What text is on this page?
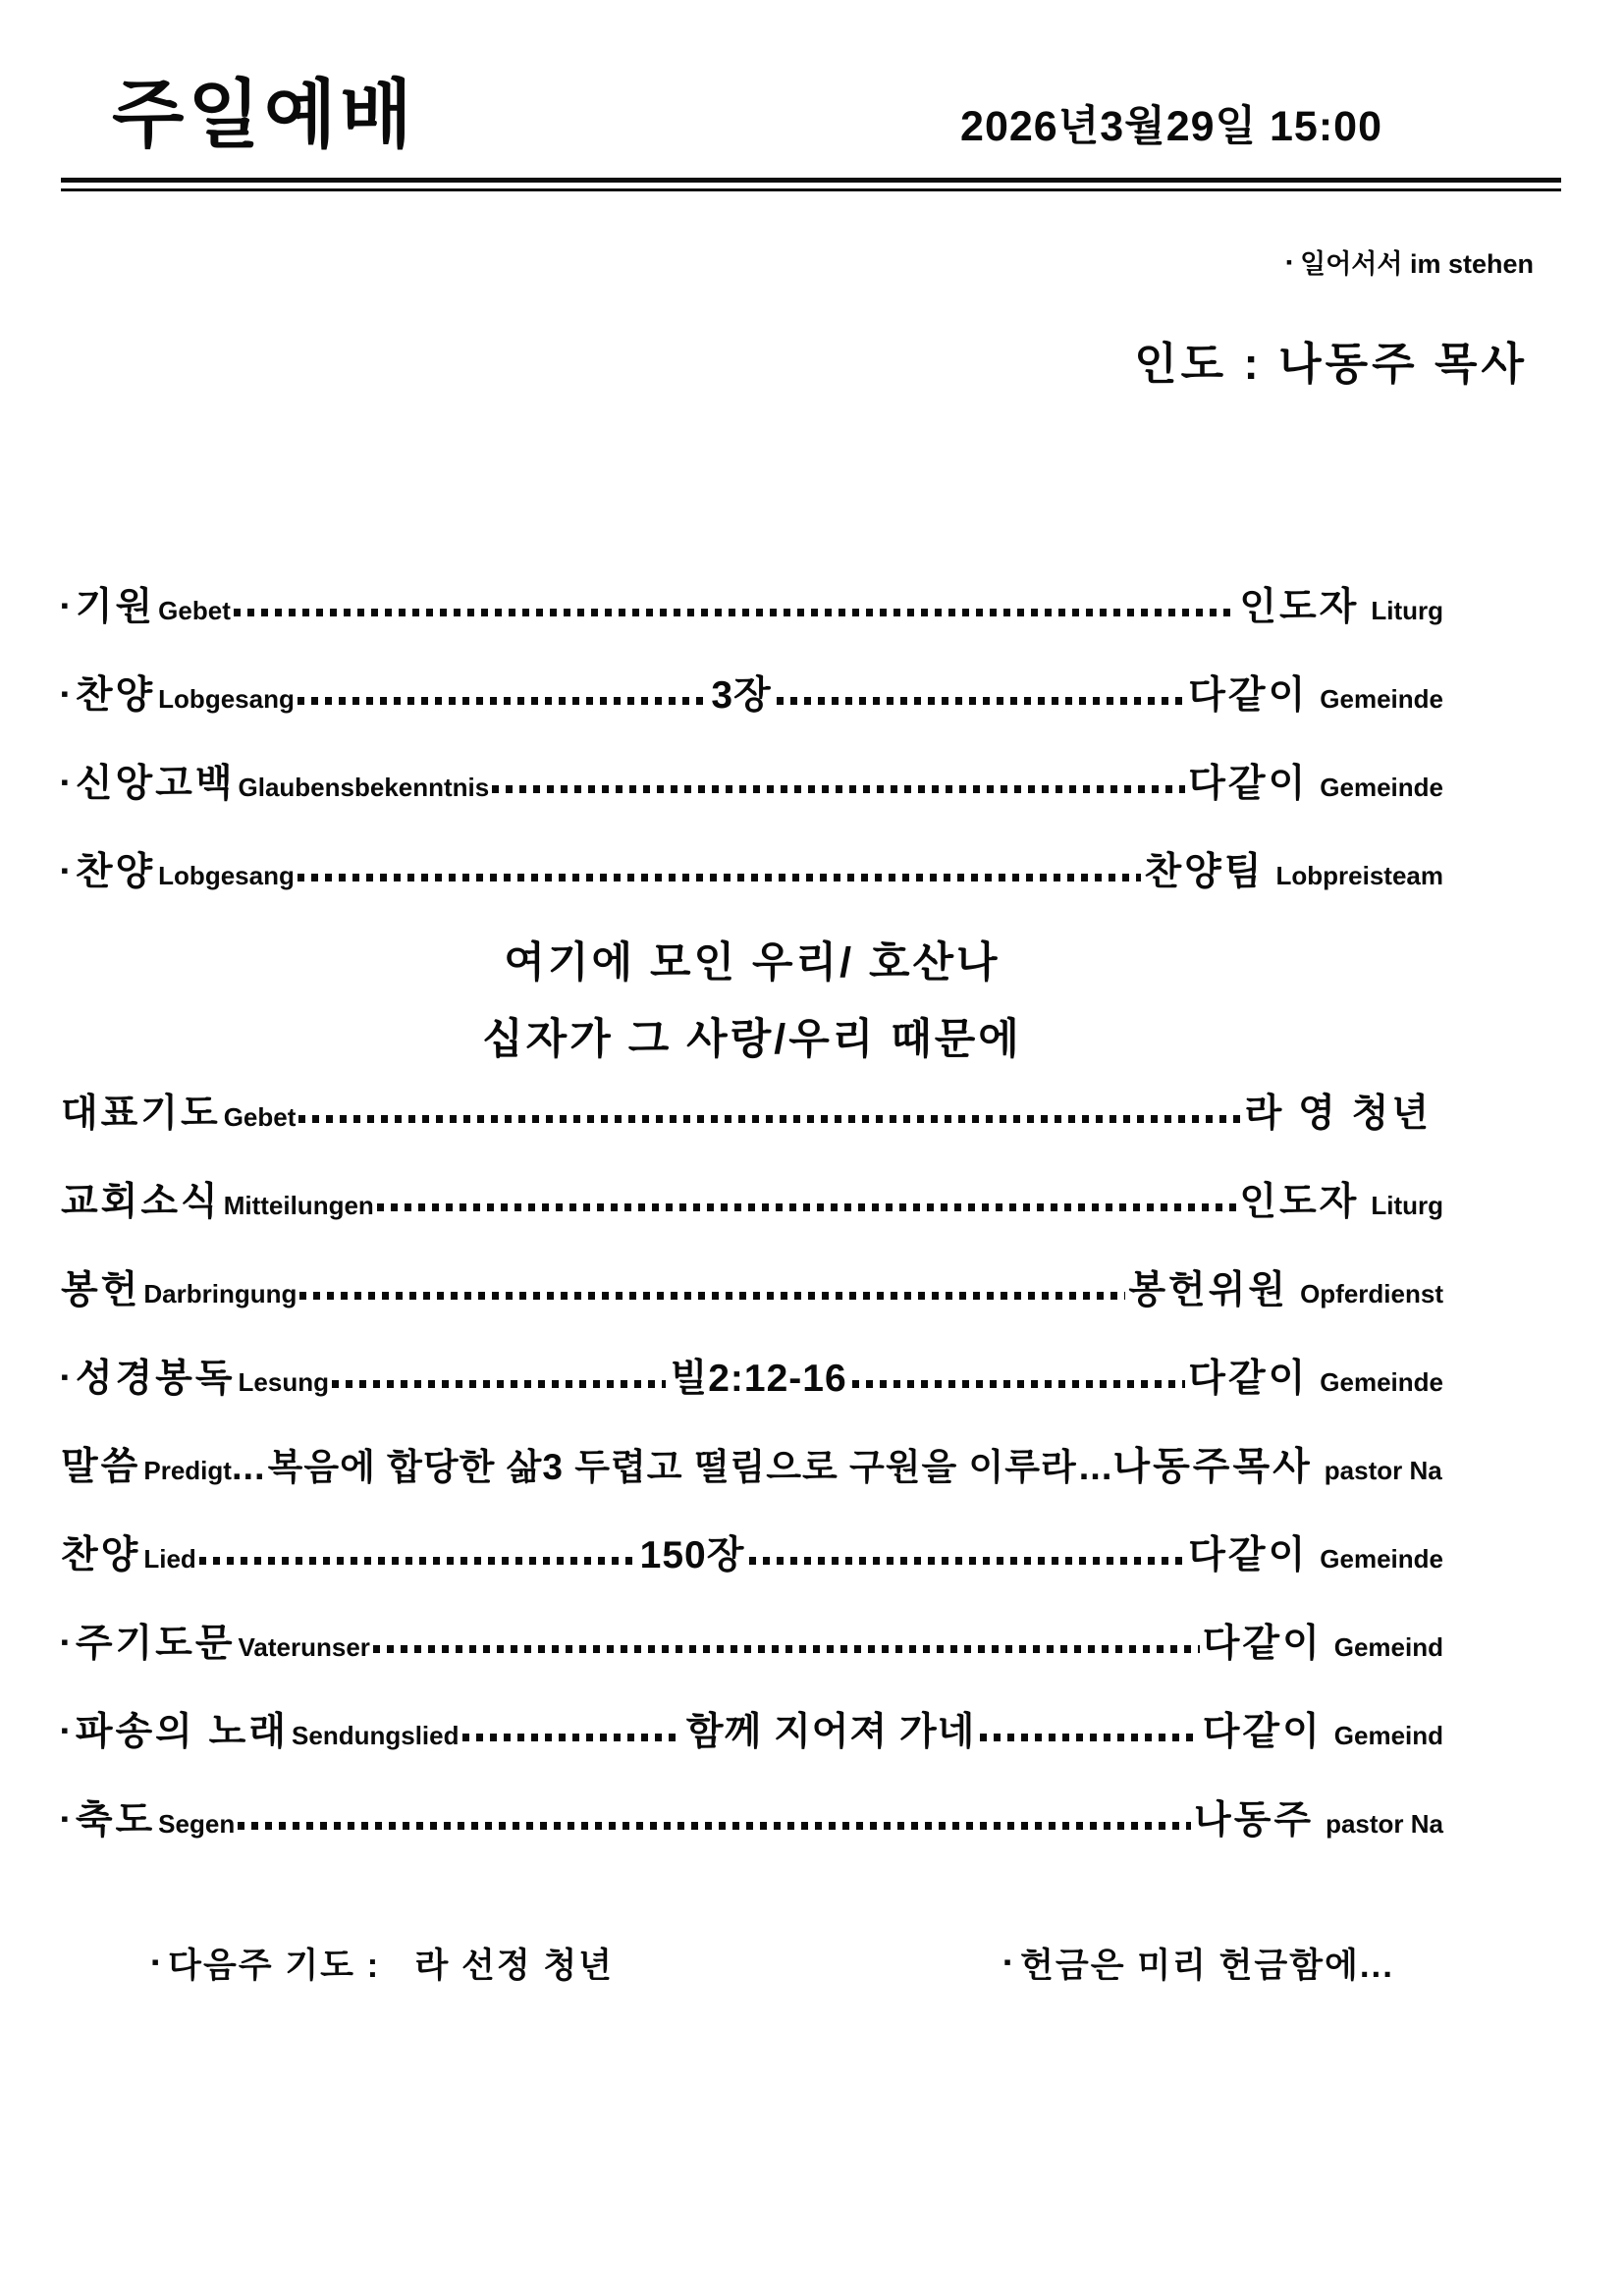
주일예배	2026년3월29일 15:00
▪ 일어서서 im stehen
인도 : 나동주 목사
▪ 기원 Gebet	인도자 Liturg
▪ 찬양 Lobgesang	3장	다같이 Gemeinde
▪ 신앙고백 Glaubensbekenntnis	다같이 Gemeinde
▪ 찬양 Lobgesang	찬양팀 Lobpreisteam
여기에 모인 우리/ 호산나
십자가 그 사랑/우리 때문에
대표기도 Gebet	라 영 청년
교회소식 Mitteilungen	인도자 Liturg
봉헌 Darbringung	봉헌위원 Opferdienst
▪ 성경봉독 Lesung	빌2:12-16	다같이 Gemeinde
말씀 Predigt ... 복음에 합당한 삶3 두렵고 떨림으로 구원을 이루라 ... 나동주목사 pastor Na
찬양 Lied	150장	다같이 Gemeinde
▪ 주기도문 Vaterunser	다같이 Gemeind
▪ 파송의 노래 Sendungslied	함께 지어져 가네	다같이 Gemeind
▪ 축도 Segen	나동주 pastor Na

▪ 다음주 기도 :   라 선정 청년
	▪ 헌금은 미리 헌금함에...
